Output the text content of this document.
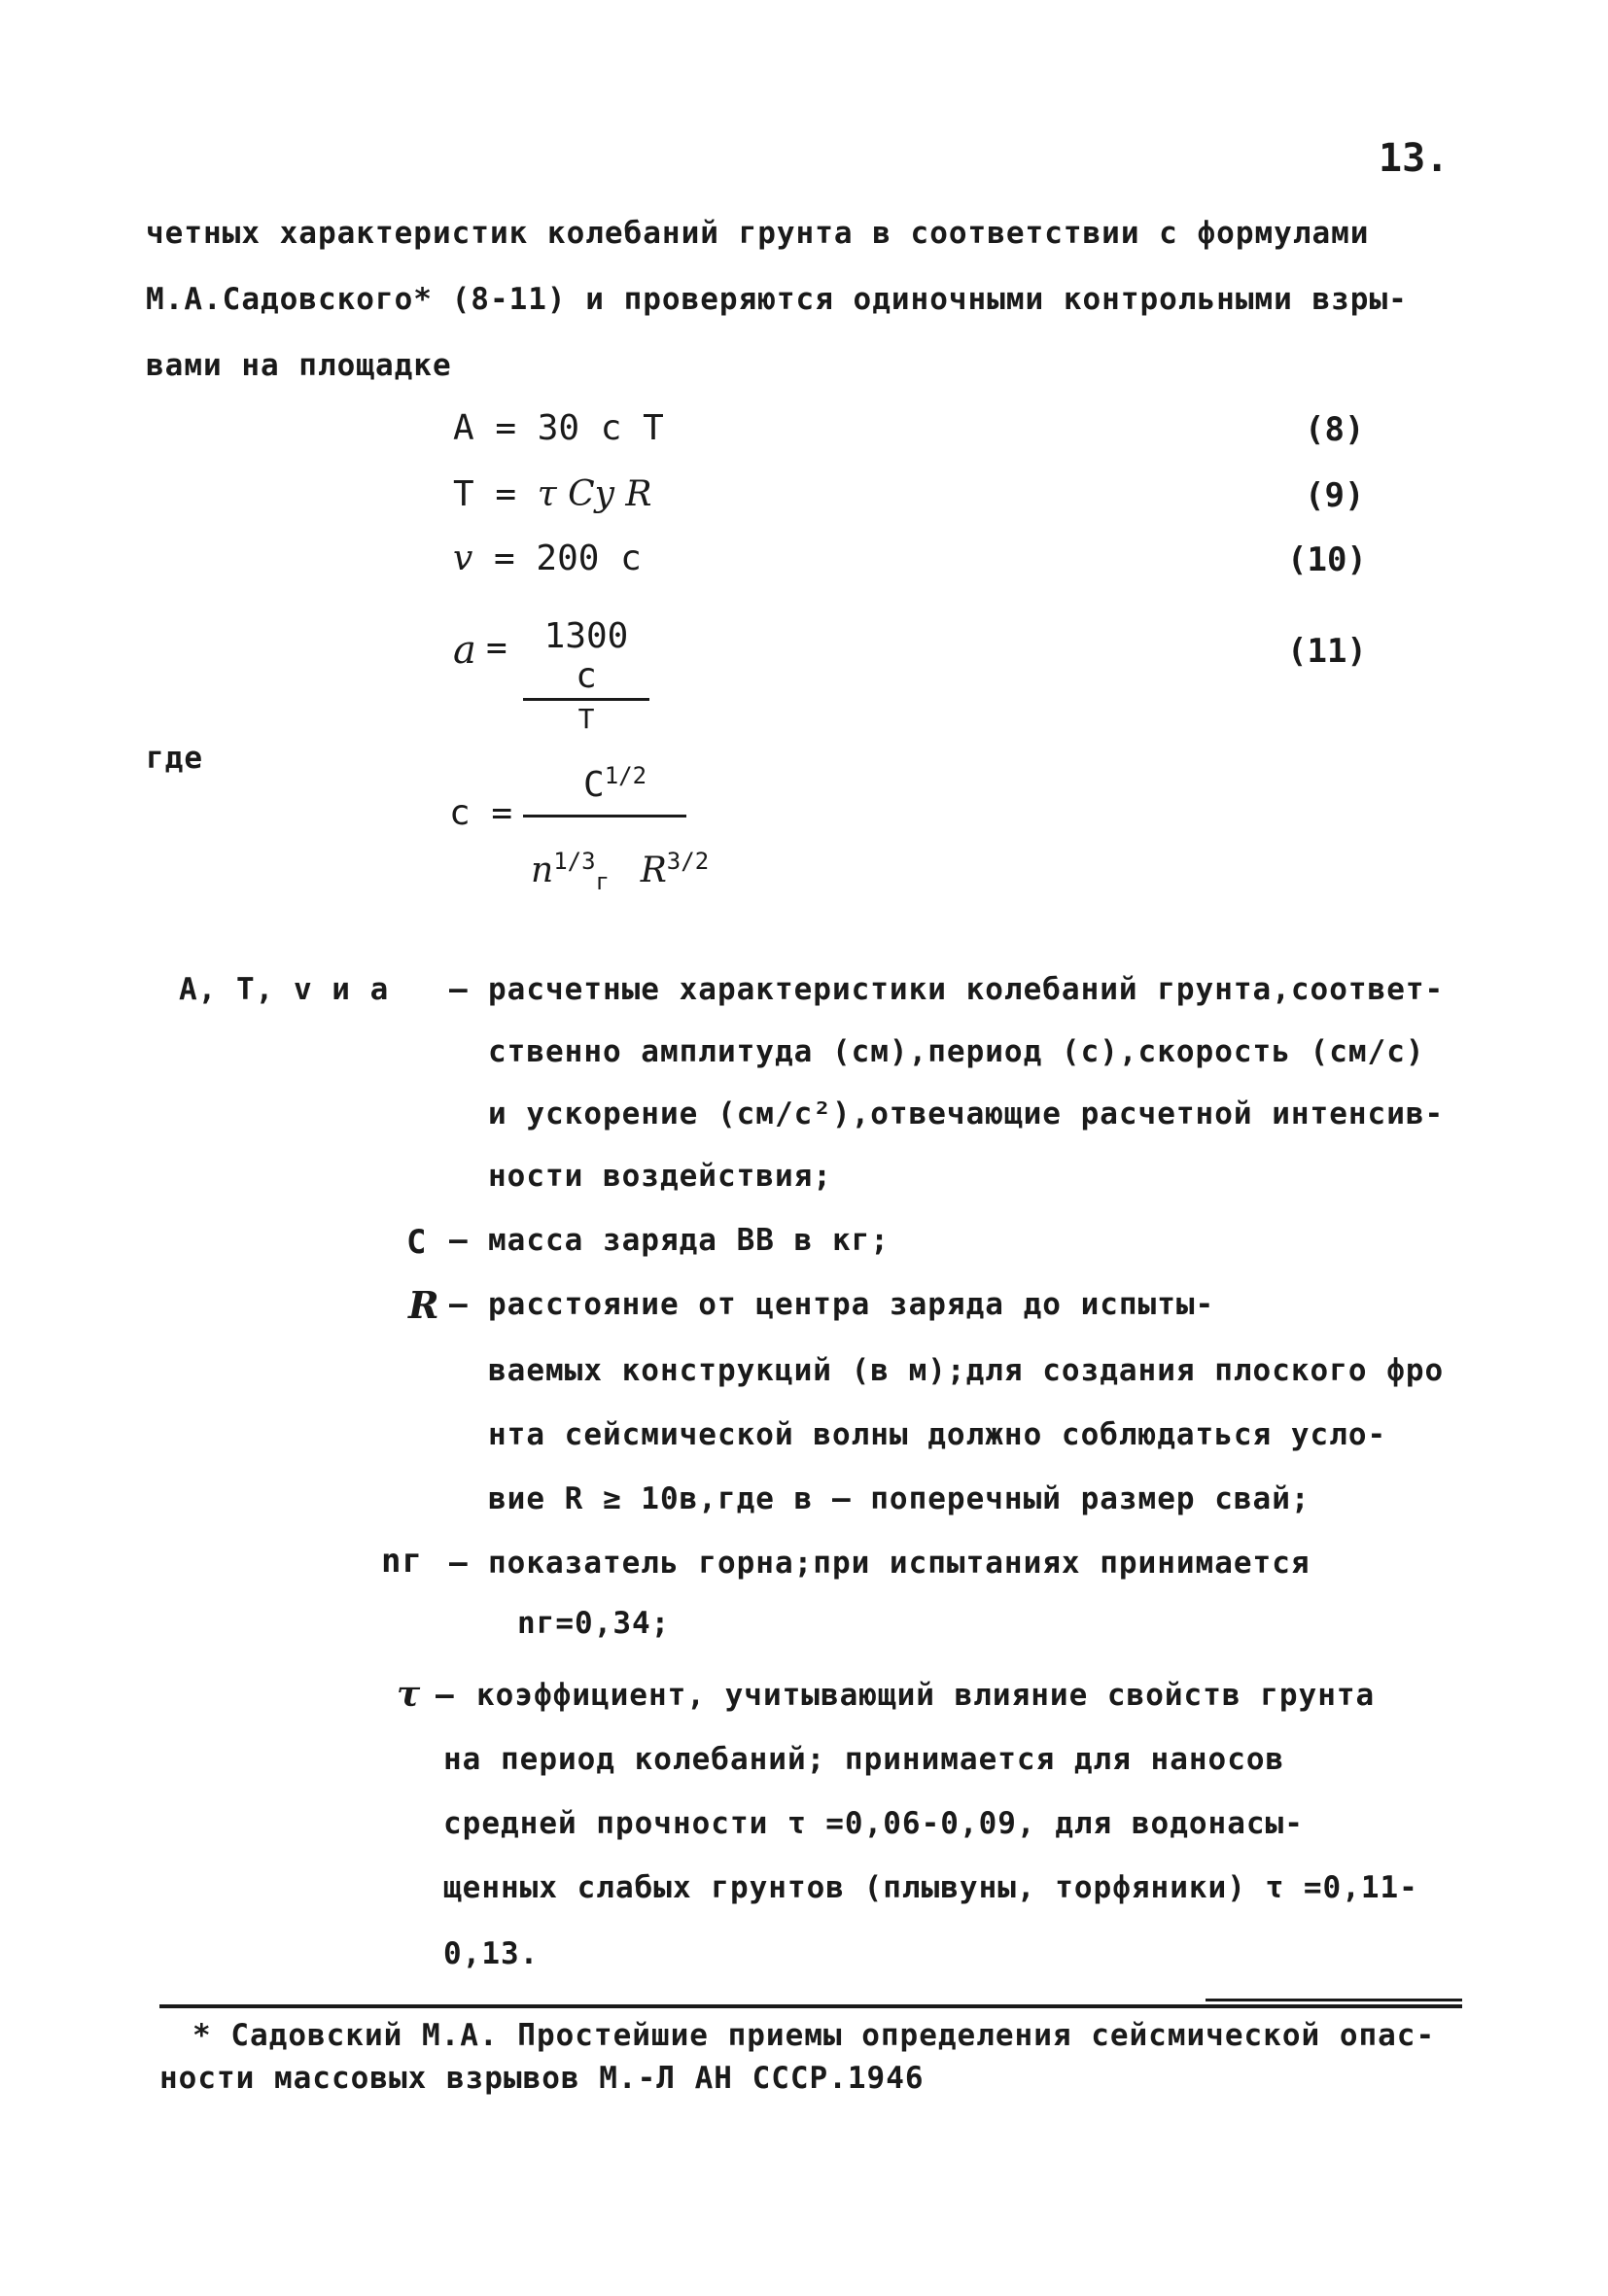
13.
четных характеристик колебаний грунта в соответствии с формулами
М.А.Садовского* (8-11) и проверяются одиночными контрольными взры-
вами на площадке
A = 30 c T	(8)
T = τ Cy R	(9)
v = 200 c	(10)
a =	1300 c
T
(11)
где
c =
$C^{1/2}$
$n^{1/3}_г$ $R^{3/2}$
A, T, v и a – расчетные характеристики колебаний грунта,соответ-
ственно амплитуда (см),период (с),скорость (см/с)
и ускорение (см/с²),отвечающие расчетной интенсив-
ности воздействия;
C – масса заряда ВВ в кг;
R – расстояние от центра заряда до испыты-
ваемых конструкций (в м);для создания плоского фро
нта сейсмической волны должно соблюдаться усло-
вие R ≥ 10в,где в – поперечный размер свай;
nг – показатель горна;при испытаниях принимается
nг=0,34;
τ – коэффициент, учитывающий влияние свойств грунта
на период колебаний; принимается для наносов
средней прочности τ =0,06-0,09, для водонасы-
щенных слабых грунтов (плывуны, торфяники) τ =0,11-
0,13.
* Садовский М.А. Простейшие приемы определения сейсмической опас-
ности массовых взрывов М.-Л АН СССР.1946
